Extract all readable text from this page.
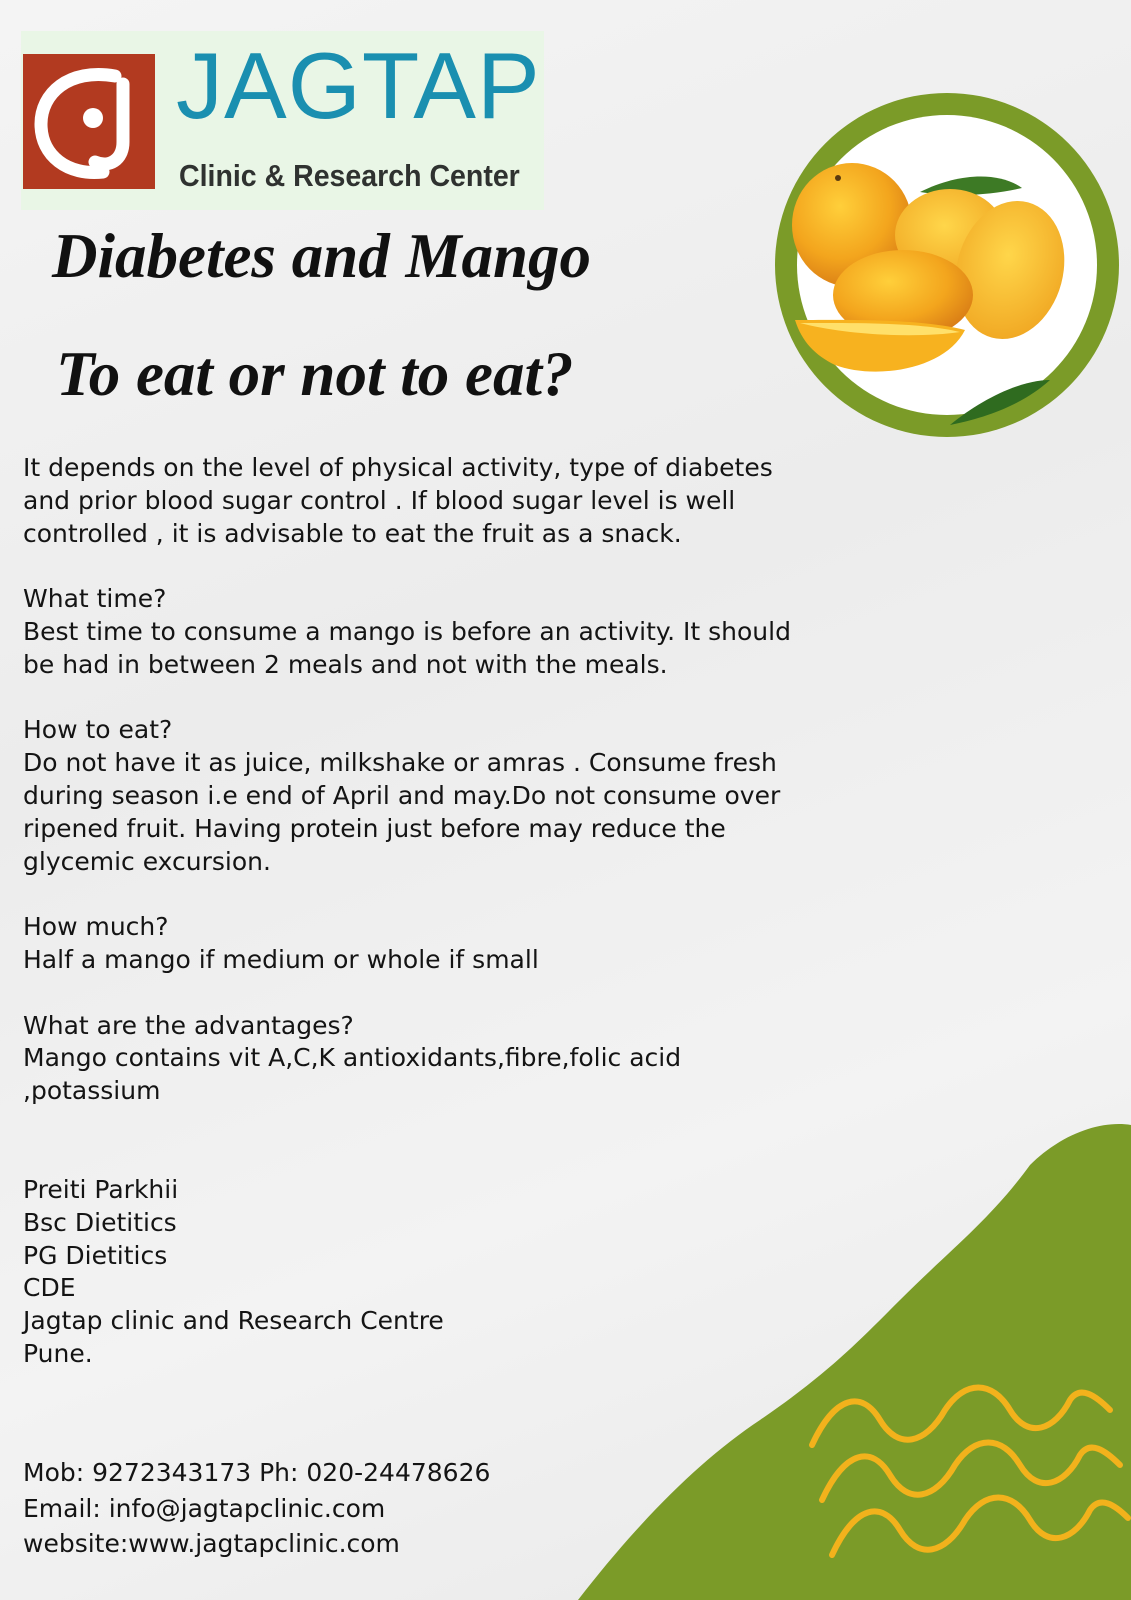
JAGTAP
Clinic & Research Center
Diabetes and Mango
To eat or not to eat?

It depends on the level of physical activity, type of diabetes and prior blood sugar control . If blood sugar level is well controlled , it is advisable to eat the fruit as a snack.

What time?

Best time to consume a mango is before an activity. It should be had in between 2 meals and not with the meals.

How to eat?

Do not have it as juice, milkshake or amras . Consume fresh during season i.e end of April and may.Do not consume over ripened fruit. Having protein just before may reduce the glycemic excursion.

How much?

Half a mango if medium or whole if small

What are the advantages?

Mango contains vit A,C,K antioxidants,fibre,folic acid ,potassium

Preiti Parkhii

Bsc Dietitics

PG Dietitics

CDE

Jagtap clinic and Research Centre

Pune.

Mob: 9272343173 Ph: 020-24478626

Email: info@jagtapclinic.com

website:www.jagtapclinic.com
